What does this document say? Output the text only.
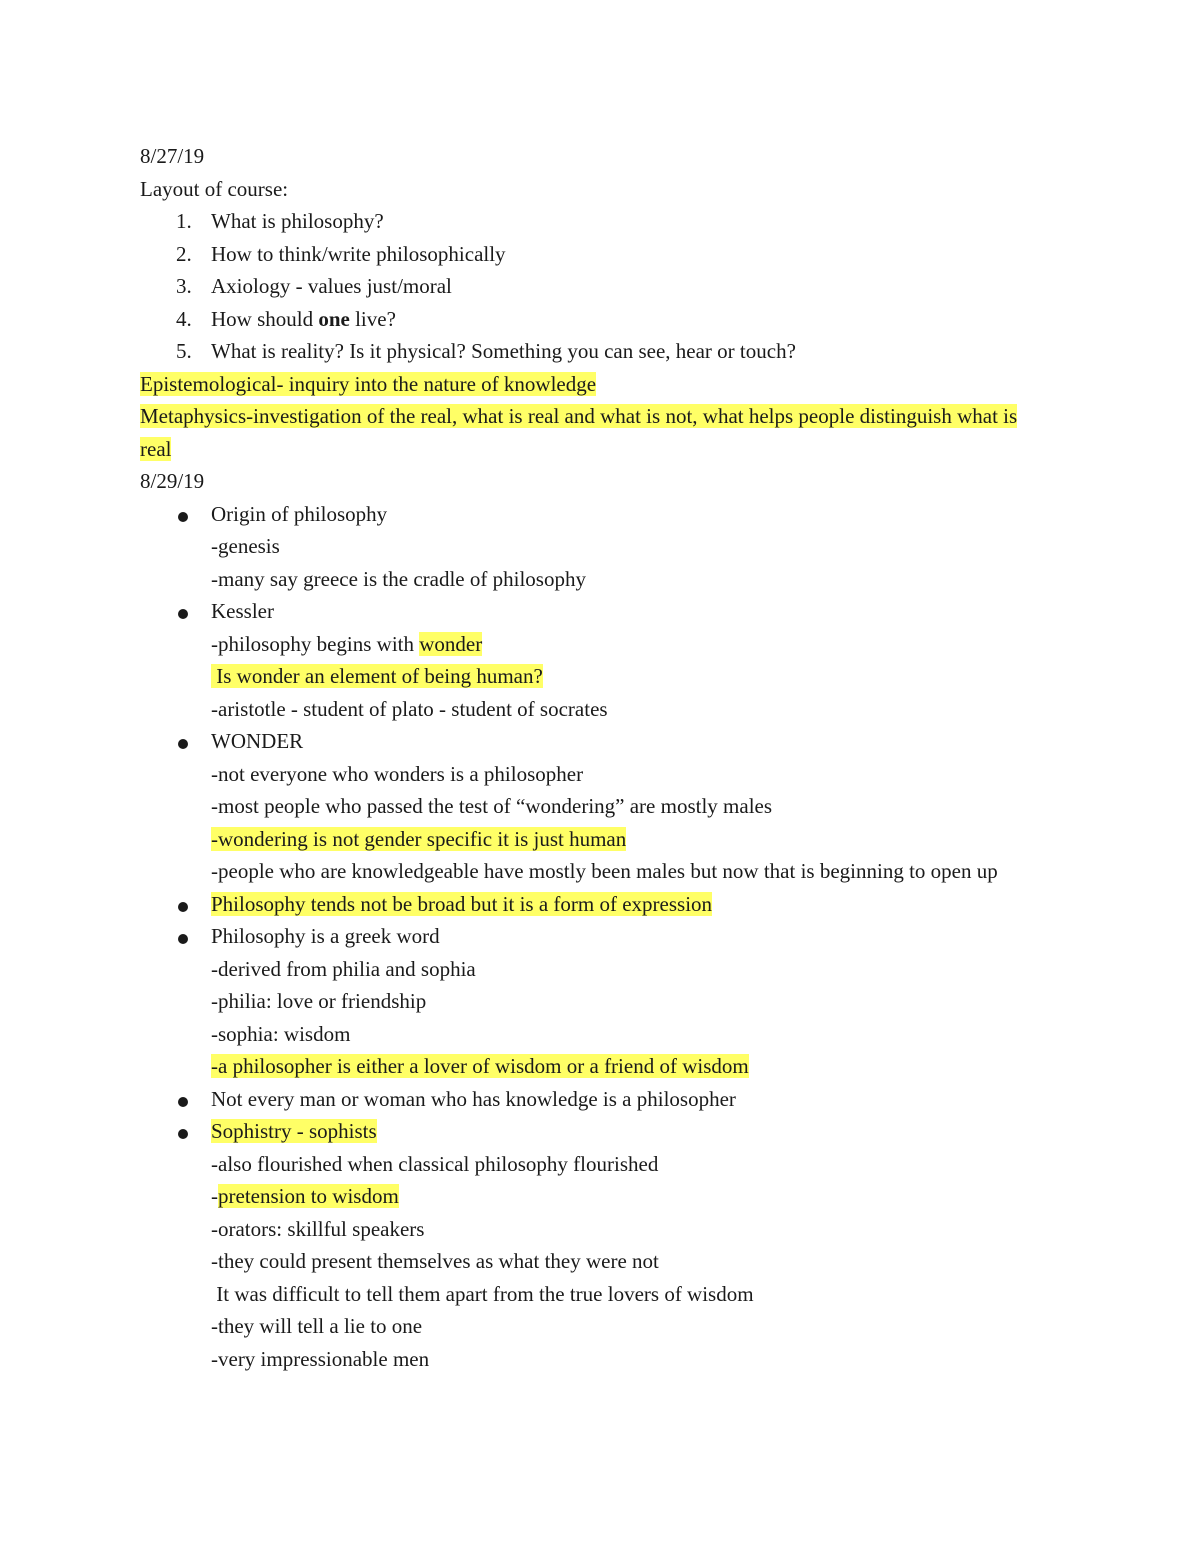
8/27/19
Layout of course:
1. What is philosophy?
2. How to think/write philosophically
3. Axiology - values just/moral
4. How should one live?
5. What is reality? Is it physical? Something you can see, hear or touch?
Epistemological- inquiry into the nature of knowledge
Metaphysics-investigation of the real, what is real and what is not, what helps people distinguish what is real
8/29/19
Origin of philosophy
-genesis
-many say greece is the cradle of philosophy
Kessler
-philosophy begins with wonder
Is wonder an element of being human?
-aristotle - student of plato - student of socrates
WONDER
-not everyone who wonders is a philosopher
-most people who passed the test of “wondering” are mostly males
-wondering is not gender specific it is just human
-people who are knowledgeable have mostly been males but now that is beginning to open up
Philosophy tends not be broad but it is a form of expression
Philosophy is a greek word
-derived from philia and sophia
-philia: love or friendship
-sophia: wisdom
-a philosopher is either a lover of wisdom or a friend of wisdom
Not every man or woman who has knowledge is a philosopher
Sophistry - sophists
-also flourished when classical philosophy flourished
-pretension to wisdom
-orators: skillful speakers
-they could present themselves as what they were not
It was difficult to tell them apart from the true lovers of wisdom
-they will tell a lie to one
-very impressionable men
